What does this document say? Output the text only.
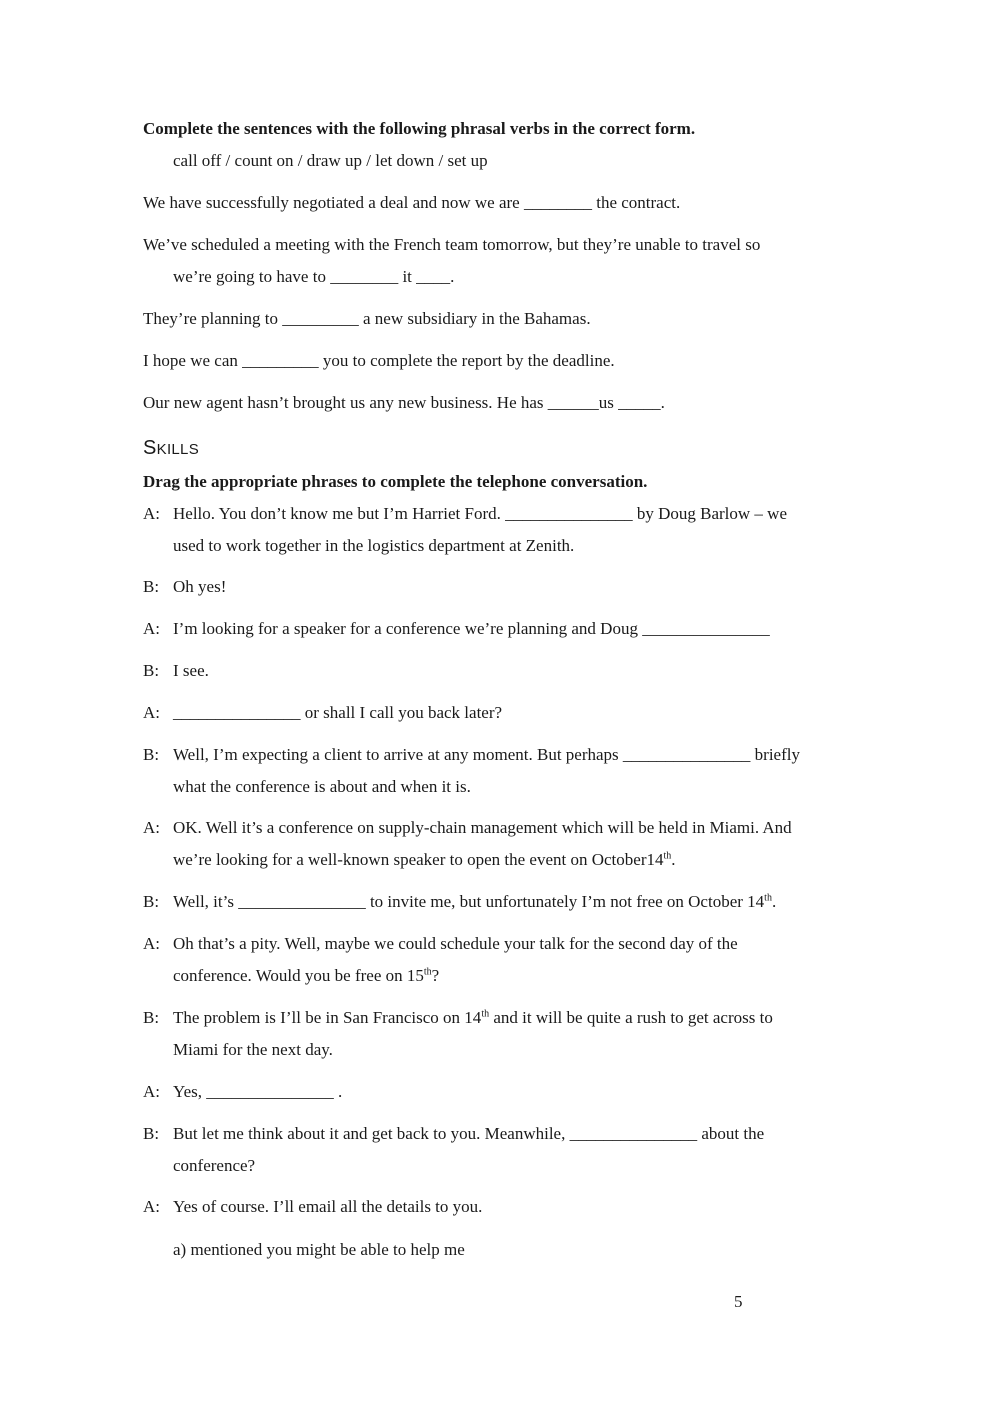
Complete the sentences with the following phrasal verbs in the correct form.
call off / count on / draw up / let down / set up
We have successfully negotiated a deal and now we are ________ the contract.
We’ve scheduled a meeting with the French team tomorrow, but they’re unable to travel so
we’re going to have to ________ it ____.
They’re planning to _________ a new subsidiary in the Bahamas.
I hope we can _________ you to complete the report by the deadline.
Our new agent hasn’t brought us any new business. He has ______us _____.
SKILLS
Drag the appropriate phrases to complete the telephone conversation.
A: Hello. You don’t know me but I’m Harriet Ford. _______________ by Doug Barlow – we
used to work together in the logistics department at Zenith.
B: Oh yes!
A: I’m looking for a speaker for a conference we’re planning and Doug _______________
B: I see.
A: _______________ or shall I call you back later?
B: Well, I’m expecting a client to arrive at any moment. But perhaps _______________ briefly
what the conference is about and when it is.
A: OK. Well it’s a conference on supply-chain management which will be held in Miami. And
we’re looking for a well-known speaker to open the event on October14th.
B: Well, it’s _______________ to invite me, but unfortunately I’m not free on October 14th.
A: Oh that’s a pity. Well, maybe we could schedule your talk for the second day of the
conference. Would you be free on 15th?
B: The problem is I’ll be in San Francisco on 14th and it will be quite a rush to get across to
Miami for the next day.
A: Yes, _______________ .
B: But let me think about it and get back to you. Meanwhile, _______________ about the
conference?
A: Yes of course. I’ll email all the details to you.
a) mentioned you might be able to help me
5
